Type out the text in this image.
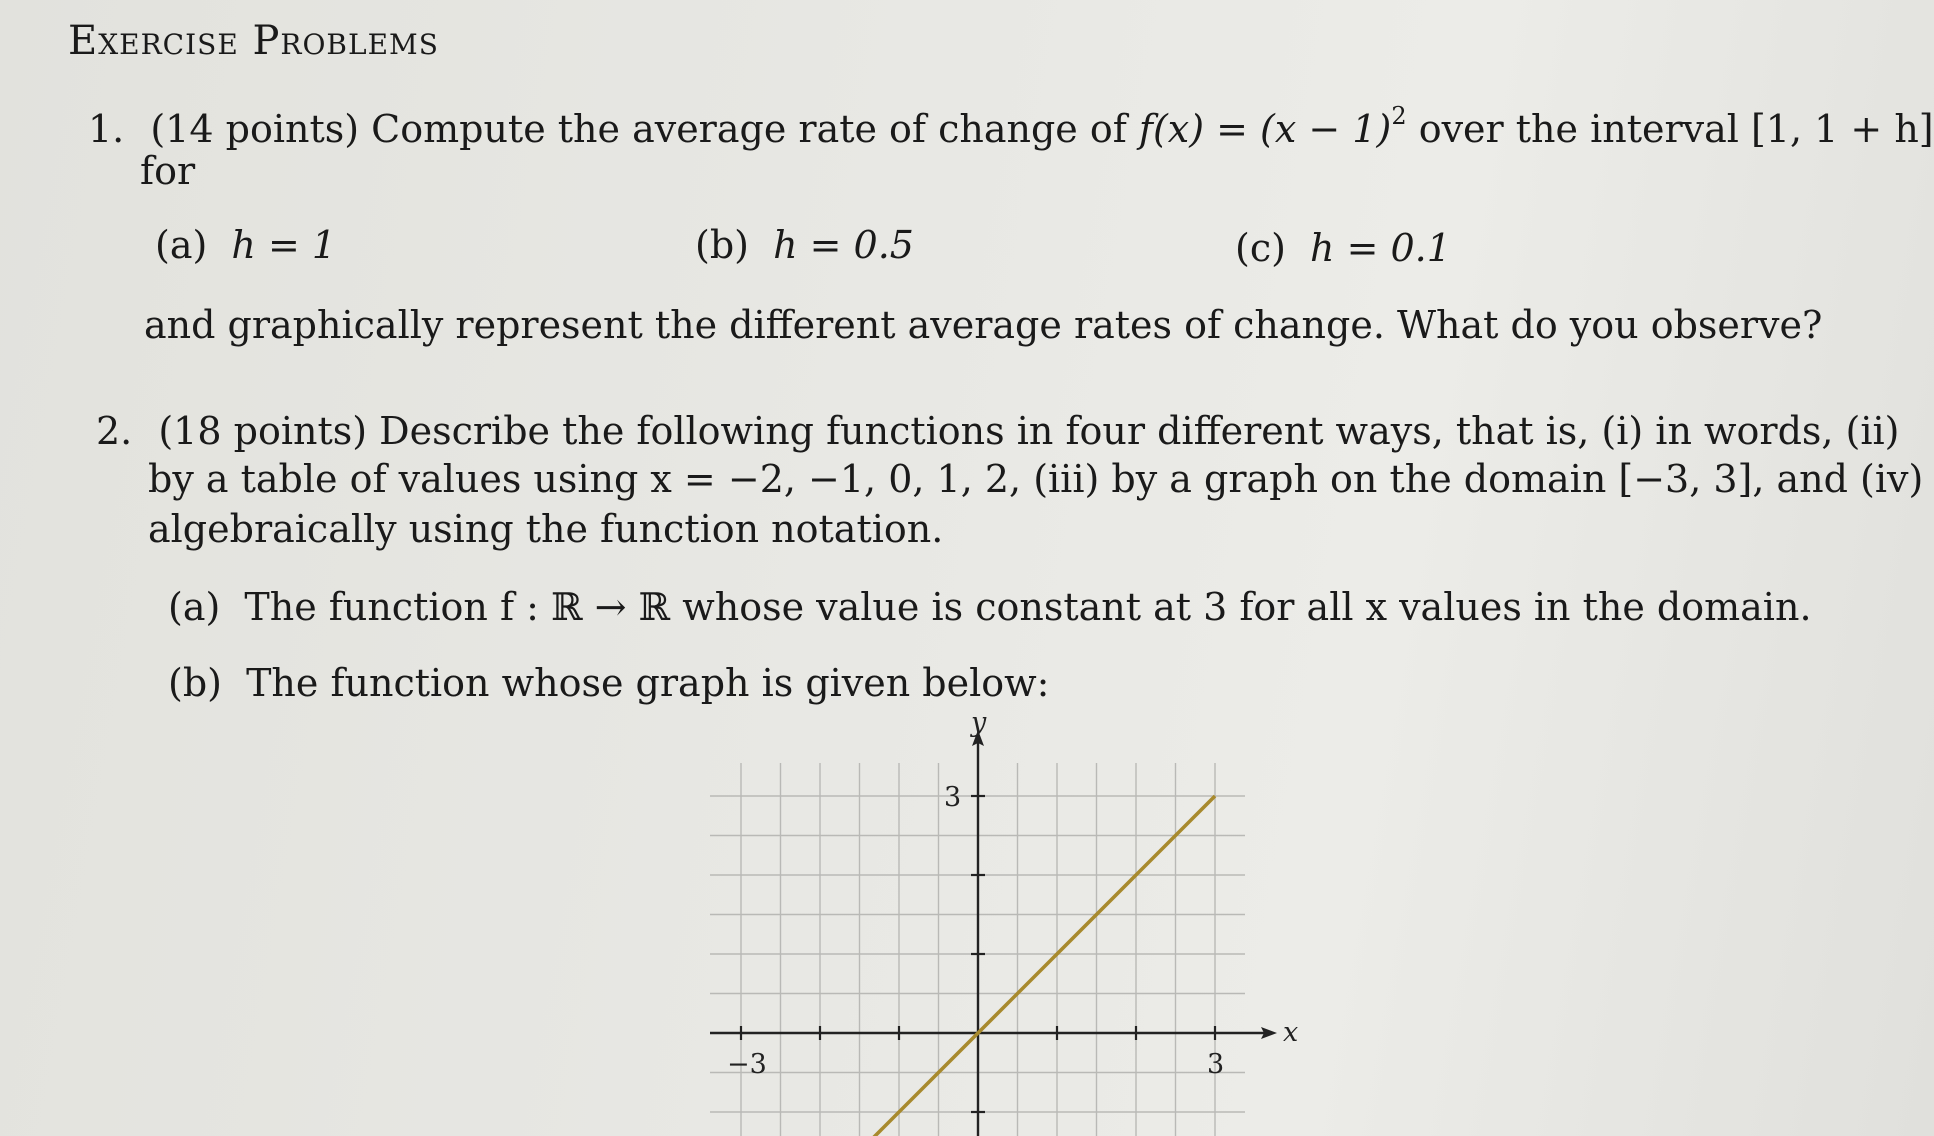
Exercise Problems
1. (14 points) Compute the average rate of change of $f(x) = (x - 1)^2$ over the interval [1, 1 + h]
for
(a) h = 1	(b) h = 0.5	(c) h = 0.1
and graphically represent the different average rates of change. What do you observe?
2. (18 points) Describe the following functions in four different ways, that is, (i) in words, (ii)
by a table of values using x = −2, −1, 0, 1, 2, (iii) by a graph on the domain [−3, 3], and (iv)
algebraically using the function notation.
(a) The function f : ℝ → ℝ whose value is constant at 3 for all x values in the domain.
(b) The function whose graph is given below:
−3	3
3
x
y
